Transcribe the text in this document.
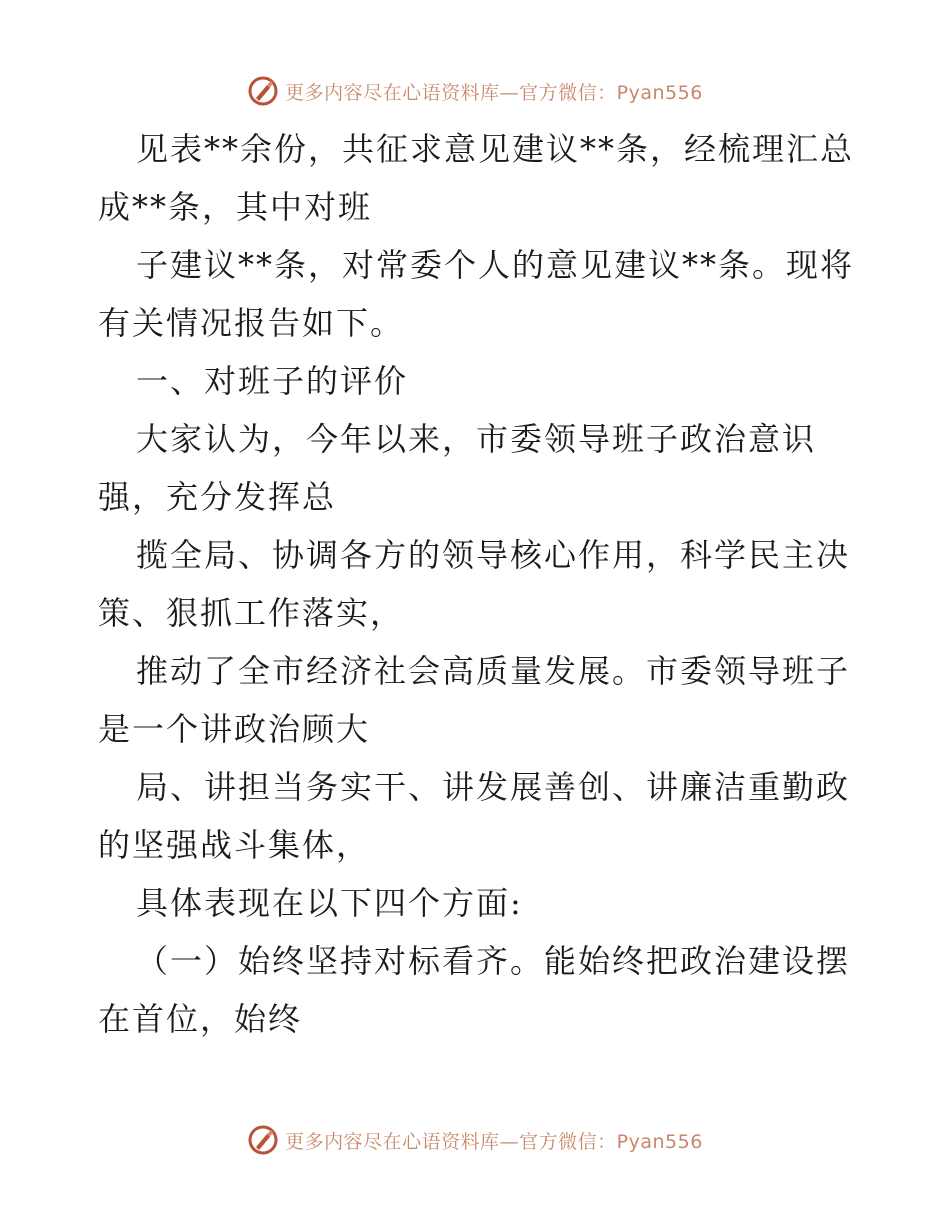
更多内容尽在心语资料库—官方微信：Pyan556
见表**余份，共征求意见建议**条，经梳理汇总
成**条，其中对班
子建议**条，对常委个人的意见建议**条。现将
有关情况报告如下。
一、对班子的评价
大家认为，今年以来，市委领导班子政治意识
强，充分发挥总
揽全局、协调各方的领导核心作用，科学民主决
策、狠抓工作落实，
推动了全市经济社会高质量发展。市委领导班子
是一个讲政治顾大
局、讲担当务实干、讲发展善创、讲廉洁重勤政
的坚强战斗集体，
具体表现在以下四个方面:
（一）始终坚持对标看齐。能始终把政治建设摆
在首位，始终
更多内容尽在心语资料库—官方微信：Pyan556
